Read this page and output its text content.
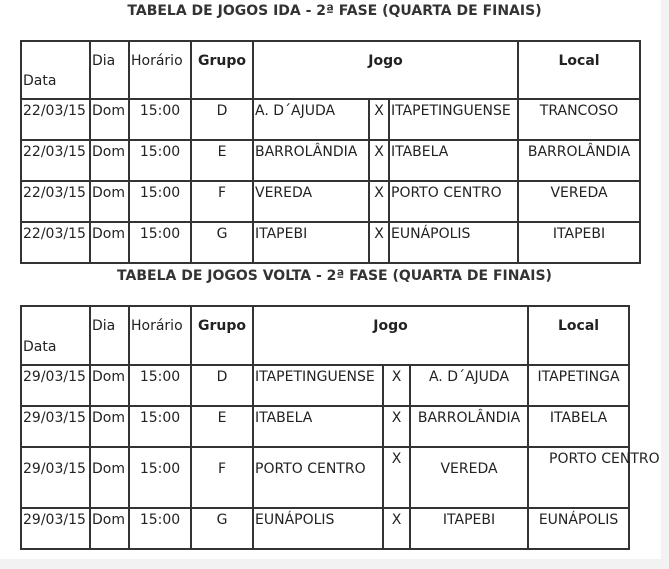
TABELA DE JOGOS IDA - 2ª FASE (QUARTA DE FINAIS)
Data	Dia	Horário	Grupo	Jogo			Local
22/03/15	Dom	15:00	D	A. D´AJUDA	X	ITAPETINGUENSE	TRANCOSO
22/03/15	Dom	15:00	E	BARROLÂNDIA	X	ITABELA	BARROLÂNDIA
22/03/15	Dom	15:00	F	VEREDA	X	PORTO CENTRO	VEREDA
22/03/15	Dom	15:00	G	ITAPEBI	X	EUNÁPOLIS	ITAPEBI
TABELA DE JOGOS VOLTA - 2ª FASE (QUARTA DE FINAIS)
Data	Dia	Horário	Grupo	Jogo			Local
29/03/15	Dom	15:00	D	ITAPETINGUENSE	X	A. D´AJUDA	ITAPETINGA
29/03/15	Dom	15:00	E	ITABELA	X	BARROLÂNDIA	ITABELA
29/03/15	Dom	15:00	F	PORTO CENTRO	X	VEREDA	PORTO CENTRO
29/03/15	Dom	15:00	G	EUNÁPOLIS	X	ITAPEBI	EUNÁPOLIS
